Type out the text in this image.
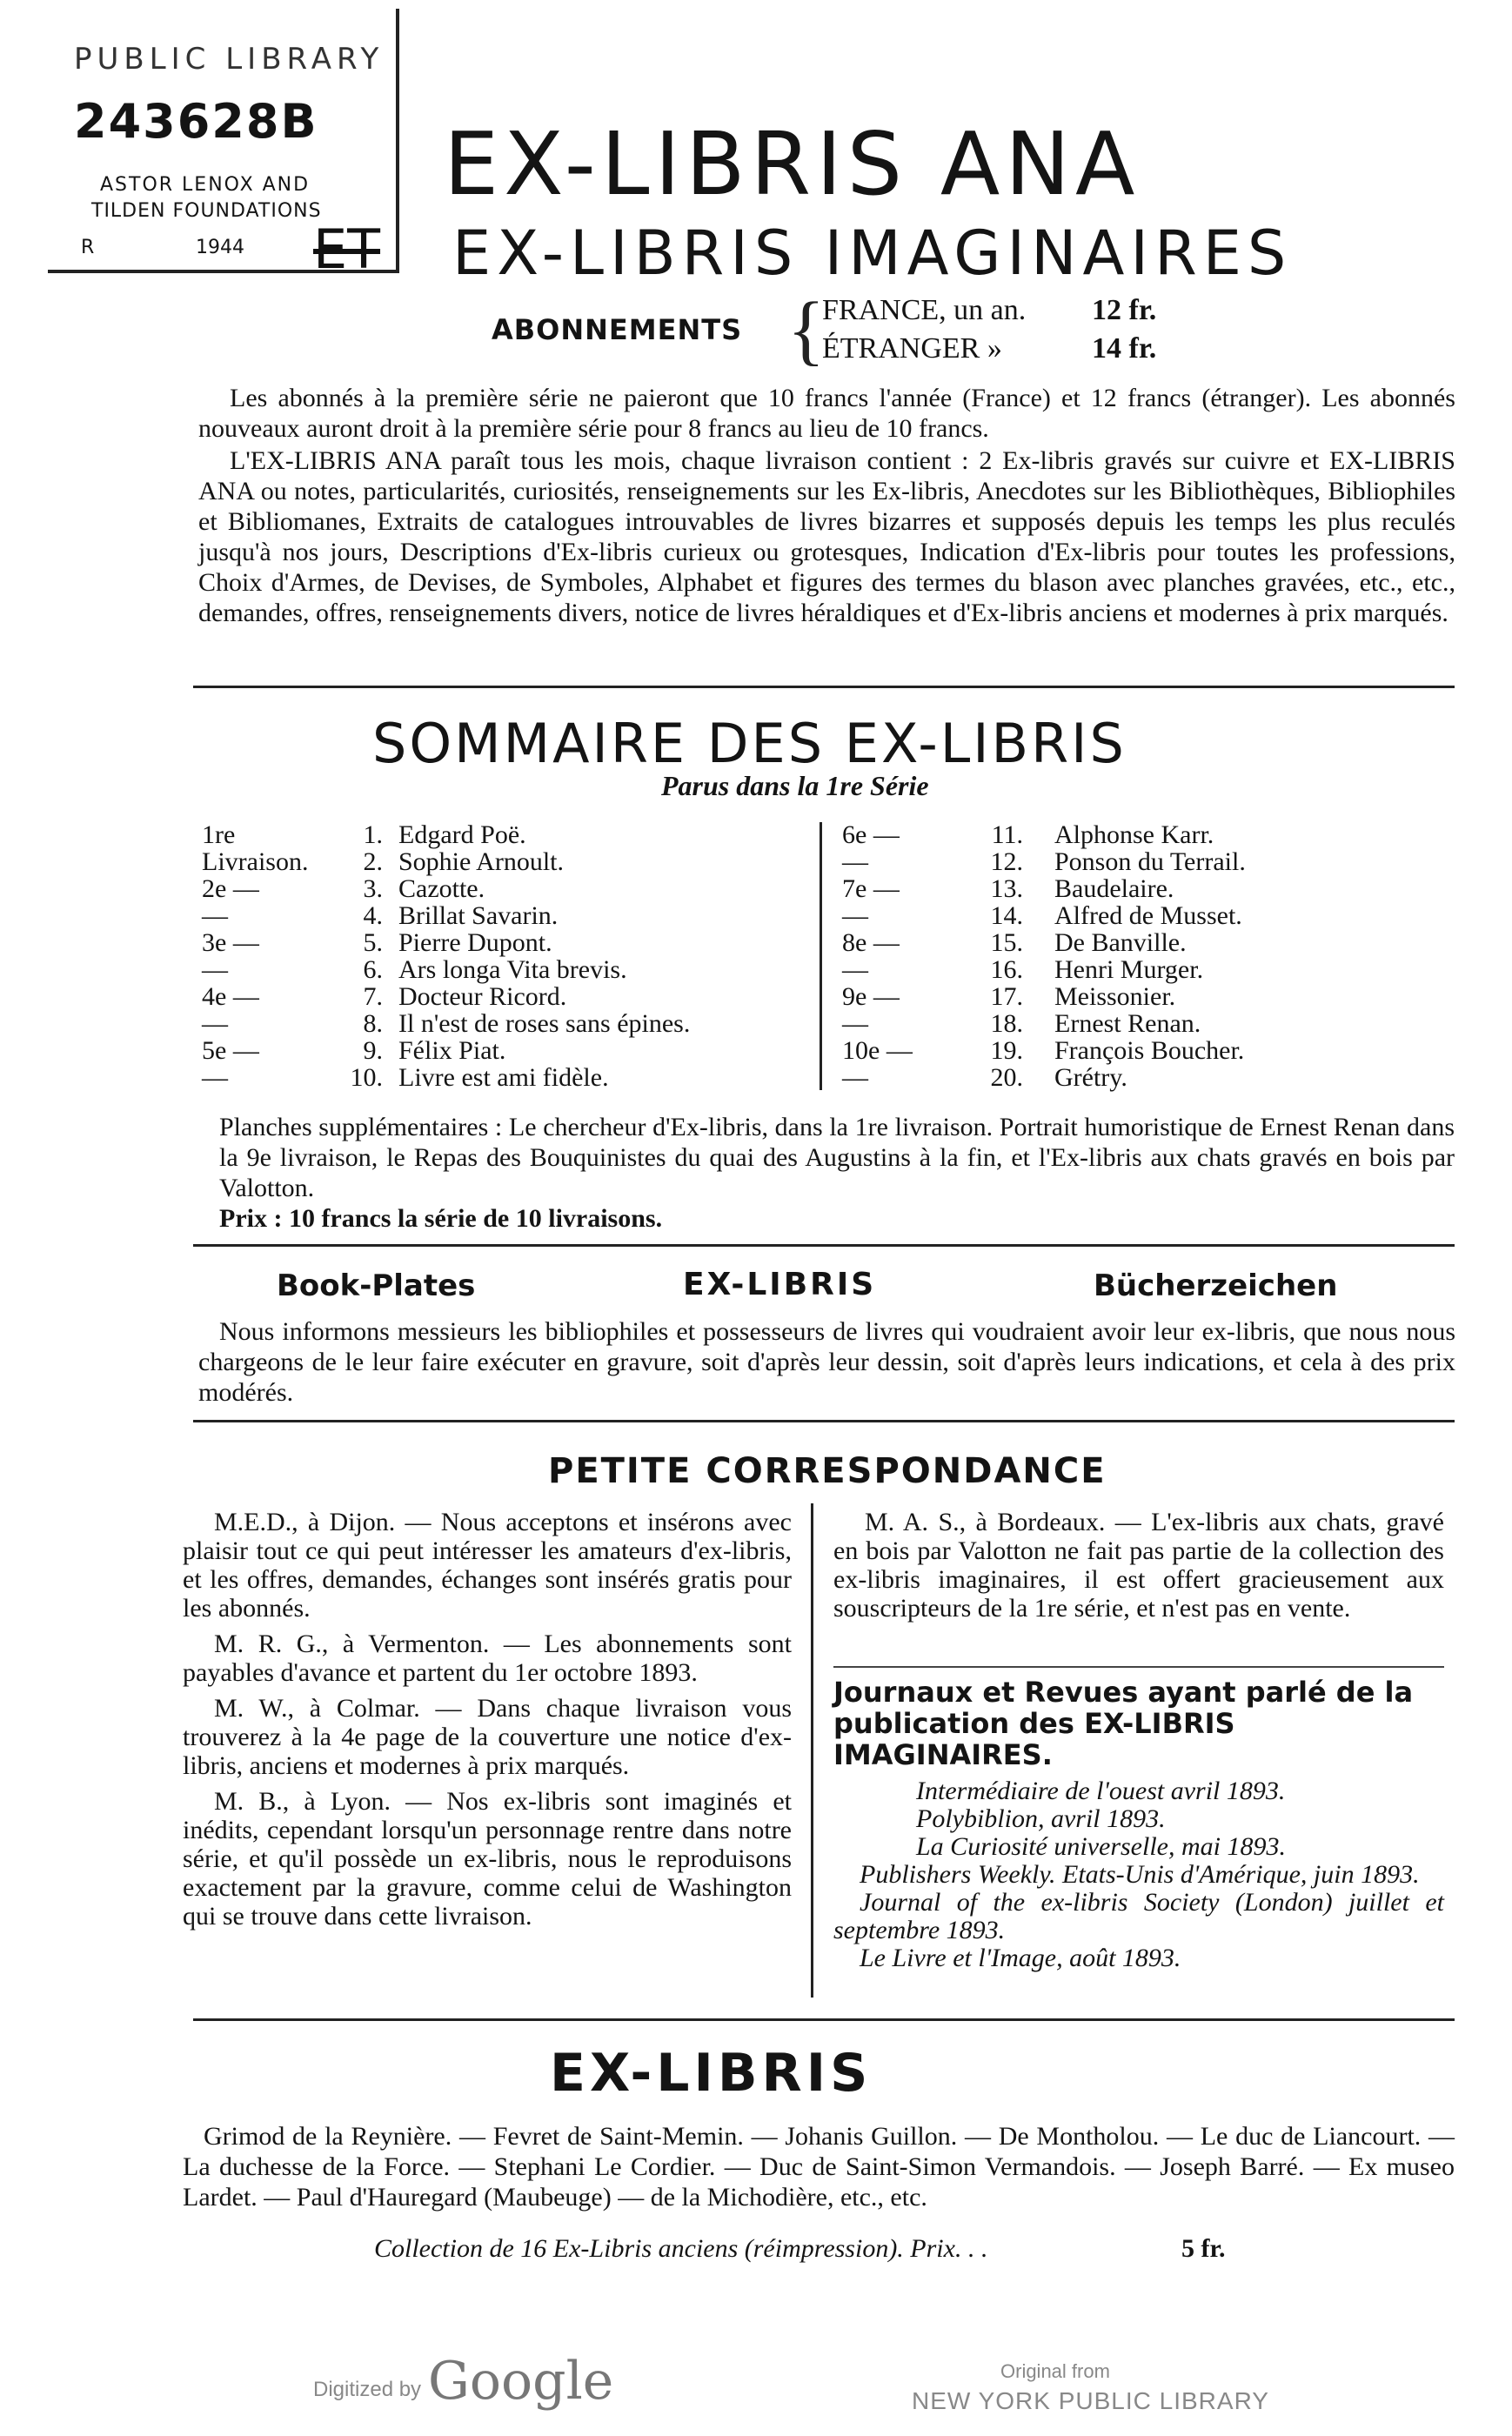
PUBLIC LIBRARY
243628B
ASTOR LENOX AND
TILDEN FOUNDATIONS
R	1944
EX-LIBRIS ANA
ET EX-LIBRIS IMAGINAIRES
ABONNEMENTS {
FRANCE, un an. 12 fr.
ÉTRANGER »	14 fr.
Les abonnés à la première série ne paieront que 10 francs l'année (France) et 12 francs (étranger). Les abonnés nouveaux auront droit à la première série pour 8 francs au lieu de 10 francs.
L'EX-LIBRIS ANA paraît tous les mois, chaque livraison contient : 2 Ex-libris gravés sur cuivre et EX-LIBRIS ANA ou notes, particularités, curiosités, renseignements sur les Ex-libris, Anecdotes sur les Bibliothèques, Bibliophiles et Bibliomanes, Extraits de catalogues introuvables de livres bizarres et supposés depuis les temps les plus reculés jusqu'à nos jours, Descriptions d'Ex-libris curieux ou grotesques, Indication d'Ex-libris pour toutes les professions, Choix d'Armes, de Devises, de Symboles, Alphabet et figures des termes du blason avec planches gravées, etc., etc., demandes, offres, renseignements divers, notice de livres héraldiques et d'Ex-libris anciens et modernes à prix marqués.
SOMMAIRE DES EX-LIBRIS
Parus dans la 1re Série
1re	1. Edgard Poë.
Livraison.	2. Sophie Arnoult.
2e —	3. Cazotte.
—	4. Brillat Savarin.
3e —	5. Pierre Dupont.
—	6. Ars longa Vita brevis.
4e —	7. Docteur Ricord.
—	8. Il n'est de roses sans épines.
5e —	9. Félix Piat.
—	10. Livre est ami fidèle.
6e —	11. Alphonse Karr.
—	12. Ponson du Terrail.
7e —	13. Baudelaire.
—	14. Alfred de Musset.
8e —	15. De Banville.
—	16. Henri Murger.
9e —	17. Meissonier.
—	18. Ernest Renan.
10e —	19. François Boucher.
—	20. Grétry.
Planches supplémentaires : Le chercheur d'Ex-libris, dans la 1re livraison. Portrait humoristique de Ernest Renan dans la 9e livraison, le Repas des Bouquinistes du quai des Augustins à la fin, et l'Ex-libris aux chats gravés en bois par Valotton.
Prix : 10 francs la série de 10 livraisons.
Book-Plates	EX-LIBRIS	Bücherzeichen
Nous informons messieurs les bibliophiles et possesseurs de livres qui voudraient avoir leur ex-libris, que nous nous chargeons de le leur faire exécuter en gravure, soit d'après leur dessin, soit d'après leurs indications, et cela à des prix modérés.
PETITE CORRESPONDANCE

M.E.D., à Dijon. — Nous acceptons et insérons avec plaisir tout ce qui peut intéresser les amateurs d'ex-libris, et les offres, demandes, échanges sont insérés gratis pour les abonnés.

M. R. G., à Vermenton. — Les abonnements sont payables d'avance et partent du 1er octobre 1893.

M. W., à Colmar. — Dans chaque livraison vous trouverez à la 4e page de la couverture une notice d'ex-libris, anciens et modernes à prix marqués.

M. B., à Lyon. — Nos ex-libris sont imaginés et inédits, cependant lorsqu'un personnage rentre dans notre série, et qu'il possède un ex-libris, nous le reproduisons exactement par la gravure, comme celui de Washington qui se trouve dans cette livraison.

M. A. S., à Bordeaux. — L'ex-libris aux chats, gravé en bois par Valotton ne fait pas partie de la collection des ex-libris imaginaires, il est offert gracieusement aux souscripteurs de la 1re série, et n'est pas en vente.

Journaux et Revues ayant parlé de la publication des EX-LIBRIS IMAGINAIRES.

Intermédiaire de l'ouest avril 1893.

Polybiblion, avril 1893.

La Curiosité universelle, mai 1893.

Publishers Weekly. Etats-Unis d'Amérique, juin 1893.

Journal of the ex-libris Society (London) juillet et septembre 1893.

Le Livre et l'Image, août 1893.

EX-LIBRIS
Grimod de la Reynière. — Fevret de Saint-Memin. — Johanis Guillon. — De Montholou. — Le duc de Liancourt. — La duchesse de la Force. — Stephani Le Cordier. — Duc de Saint-Simon Vermandois. — Joseph Barré. — Ex museo Lardet. — Paul d'Hauregard (Maubeuge) — de la Michodière, etc., etc.
Collection de 16 Ex-Libris anciens (réimpression). Prix. . .	5 fr.
Digitized by Google	Original from
NEW YORK PUBLIC LIBRARY
